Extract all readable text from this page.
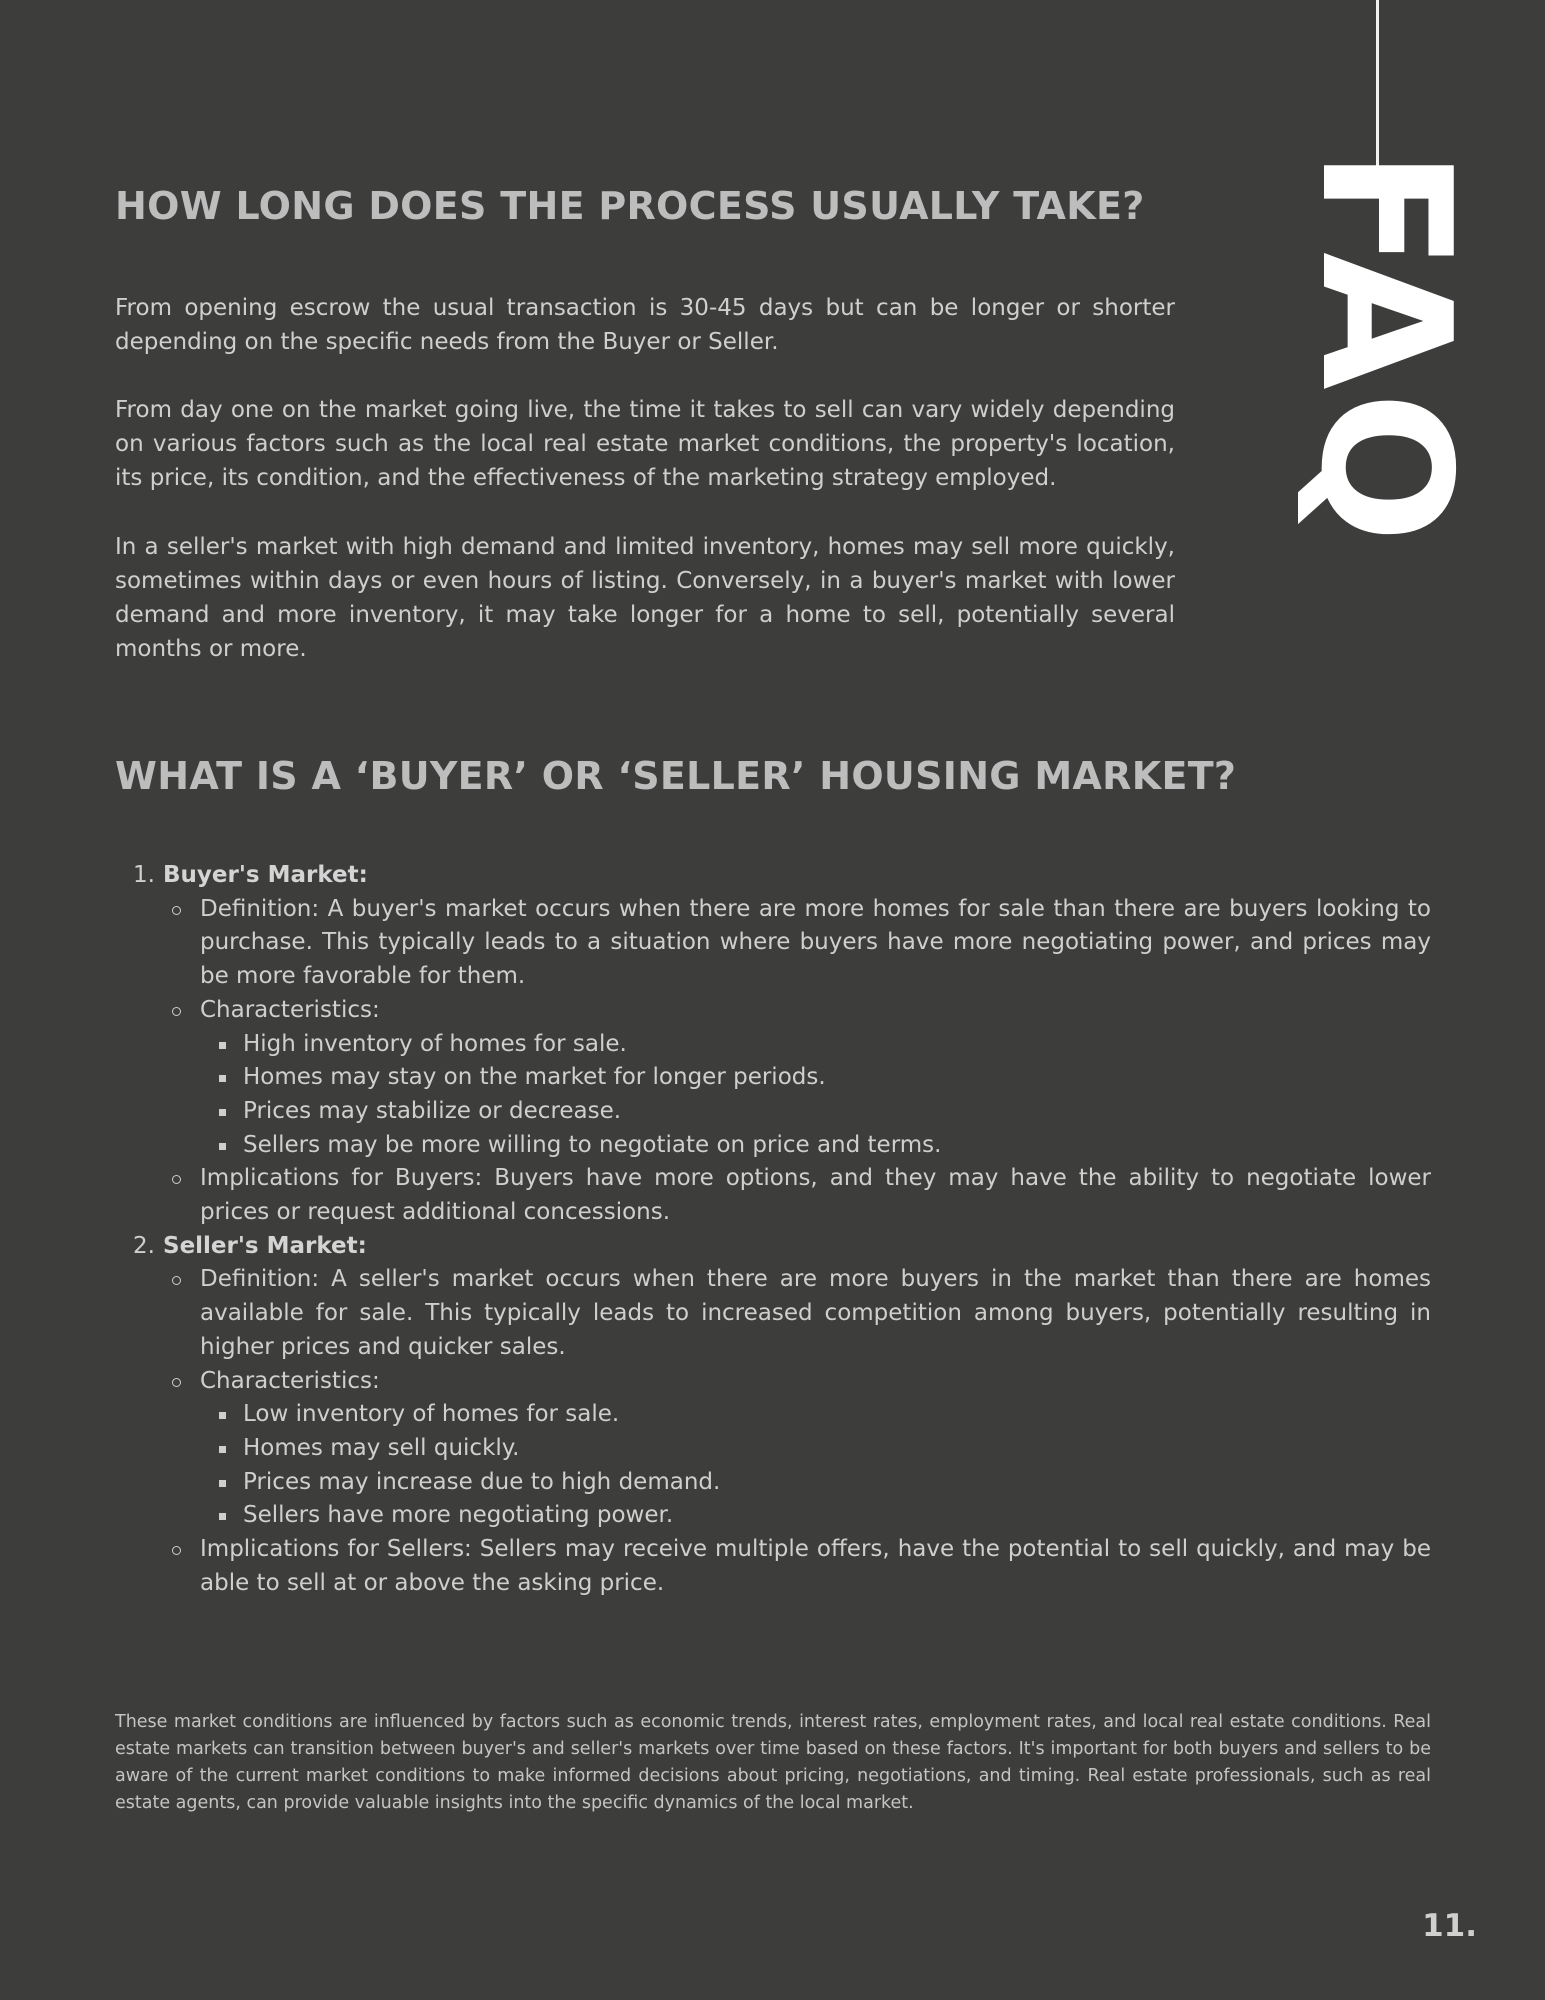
FAQ
HOW LONG DOES THE PROCESS USUALLY TAKE?

From opening escrow the usual transaction is 30-45 days but can be longer or shorter depending on the specific needs from the Buyer or Seller.

From day one on the market going live, the time it takes to sell can vary widely depending on various factors such as the local real estate market conditions, the property's location, its price, its condition, and the effectiveness of the marketing strategy employed.

In a seller's market with high demand and limited inventory, homes may sell more quickly, sometimes within days or even hours of listing. Conversely, in a buyer's market with lower demand and more inventory, it may take longer for a home to sell, potentially several months or more.

WHAT IS A ‘BUYER’ OR ‘SELLER’ HOUSING MARKET?
1. Buyer's Market:
Definition: A buyer's market occurs when there are more homes for sale than there are buyers looking to purchase. This typically leads to a situation where buyers have more negotiating power, and prices may be more favorable for them.
Characteristics:
High inventory of homes for sale.
Homes may stay on the market for longer periods.
Prices may stabilize or decrease.
Sellers may be more willing to negotiate on price and terms.
Implications for Buyers: Buyers have more options, and they may have the ability to negotiate lower prices or request additional concessions.
2. Seller's Market:
Definition: A seller's market occurs when there are more buyers in the market than there are homes available for sale. This typically leads to increased competition among buyers, potentially resulting in higher prices and quicker sales.
Characteristics:
Low inventory of homes for sale.
Homes may sell quickly.
Prices may increase due to high demand.
Sellers have more negotiating power.
Implications for Sellers: Sellers may receive multiple offers, have the potential to sell quickly, and may be able to sell at or above the asking price.

These market conditions are influenced by factors such as economic trends, interest rates, employment rates, and local real estate conditions. Real estate markets can transition between buyer's and seller's markets over time based on these factors. It's important for both buyers and sellers to be aware of the current market conditions to make informed decisions about pricing, negotiations, and timing. Real estate professionals, such as real estate agents, can provide valuable insights into the specific dynamics of the local market.

11.
